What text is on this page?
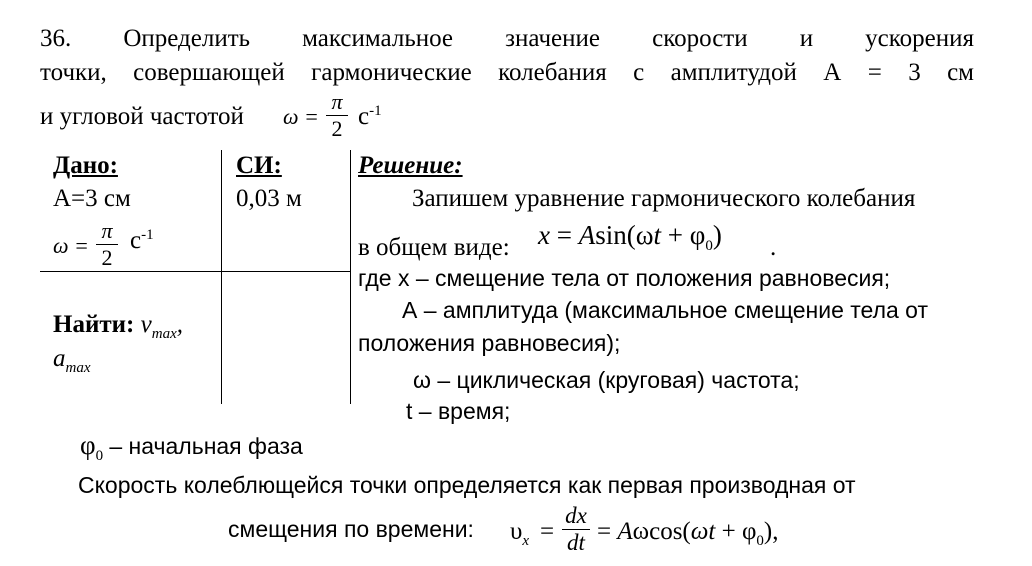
36. Определить максимальное значение скорости и ускорения
точки, совершающей гармонические колебания с амплитудой А = 3 см
и угловой частотой ω =
π
2 $с^{-1}$
Дано:
А=3 см
ω =
π
2
$с^{-1}$
Найти: $v_{max}$,
$a_{max}$
СИ:
0,03 м
Решение:
Запишем уравнение гармонического колебания
в общем виде: $x = Asin(\omega t + \varphi_0)$ .
где x – смещение тела от положения равновесия;
А – амплитуда (максимальное смещение тела от
положения равновесия);
ω – циклическая (круговая) частота;
t – время;
$\varphi_0$ – начальная фаза
Скорость колеблющейся точки определяется как первая производная от
смещения по времени: $\upsilon_x$ =
dx
dt = $A\omega\cos(\omega t + \varphi_0)$,
